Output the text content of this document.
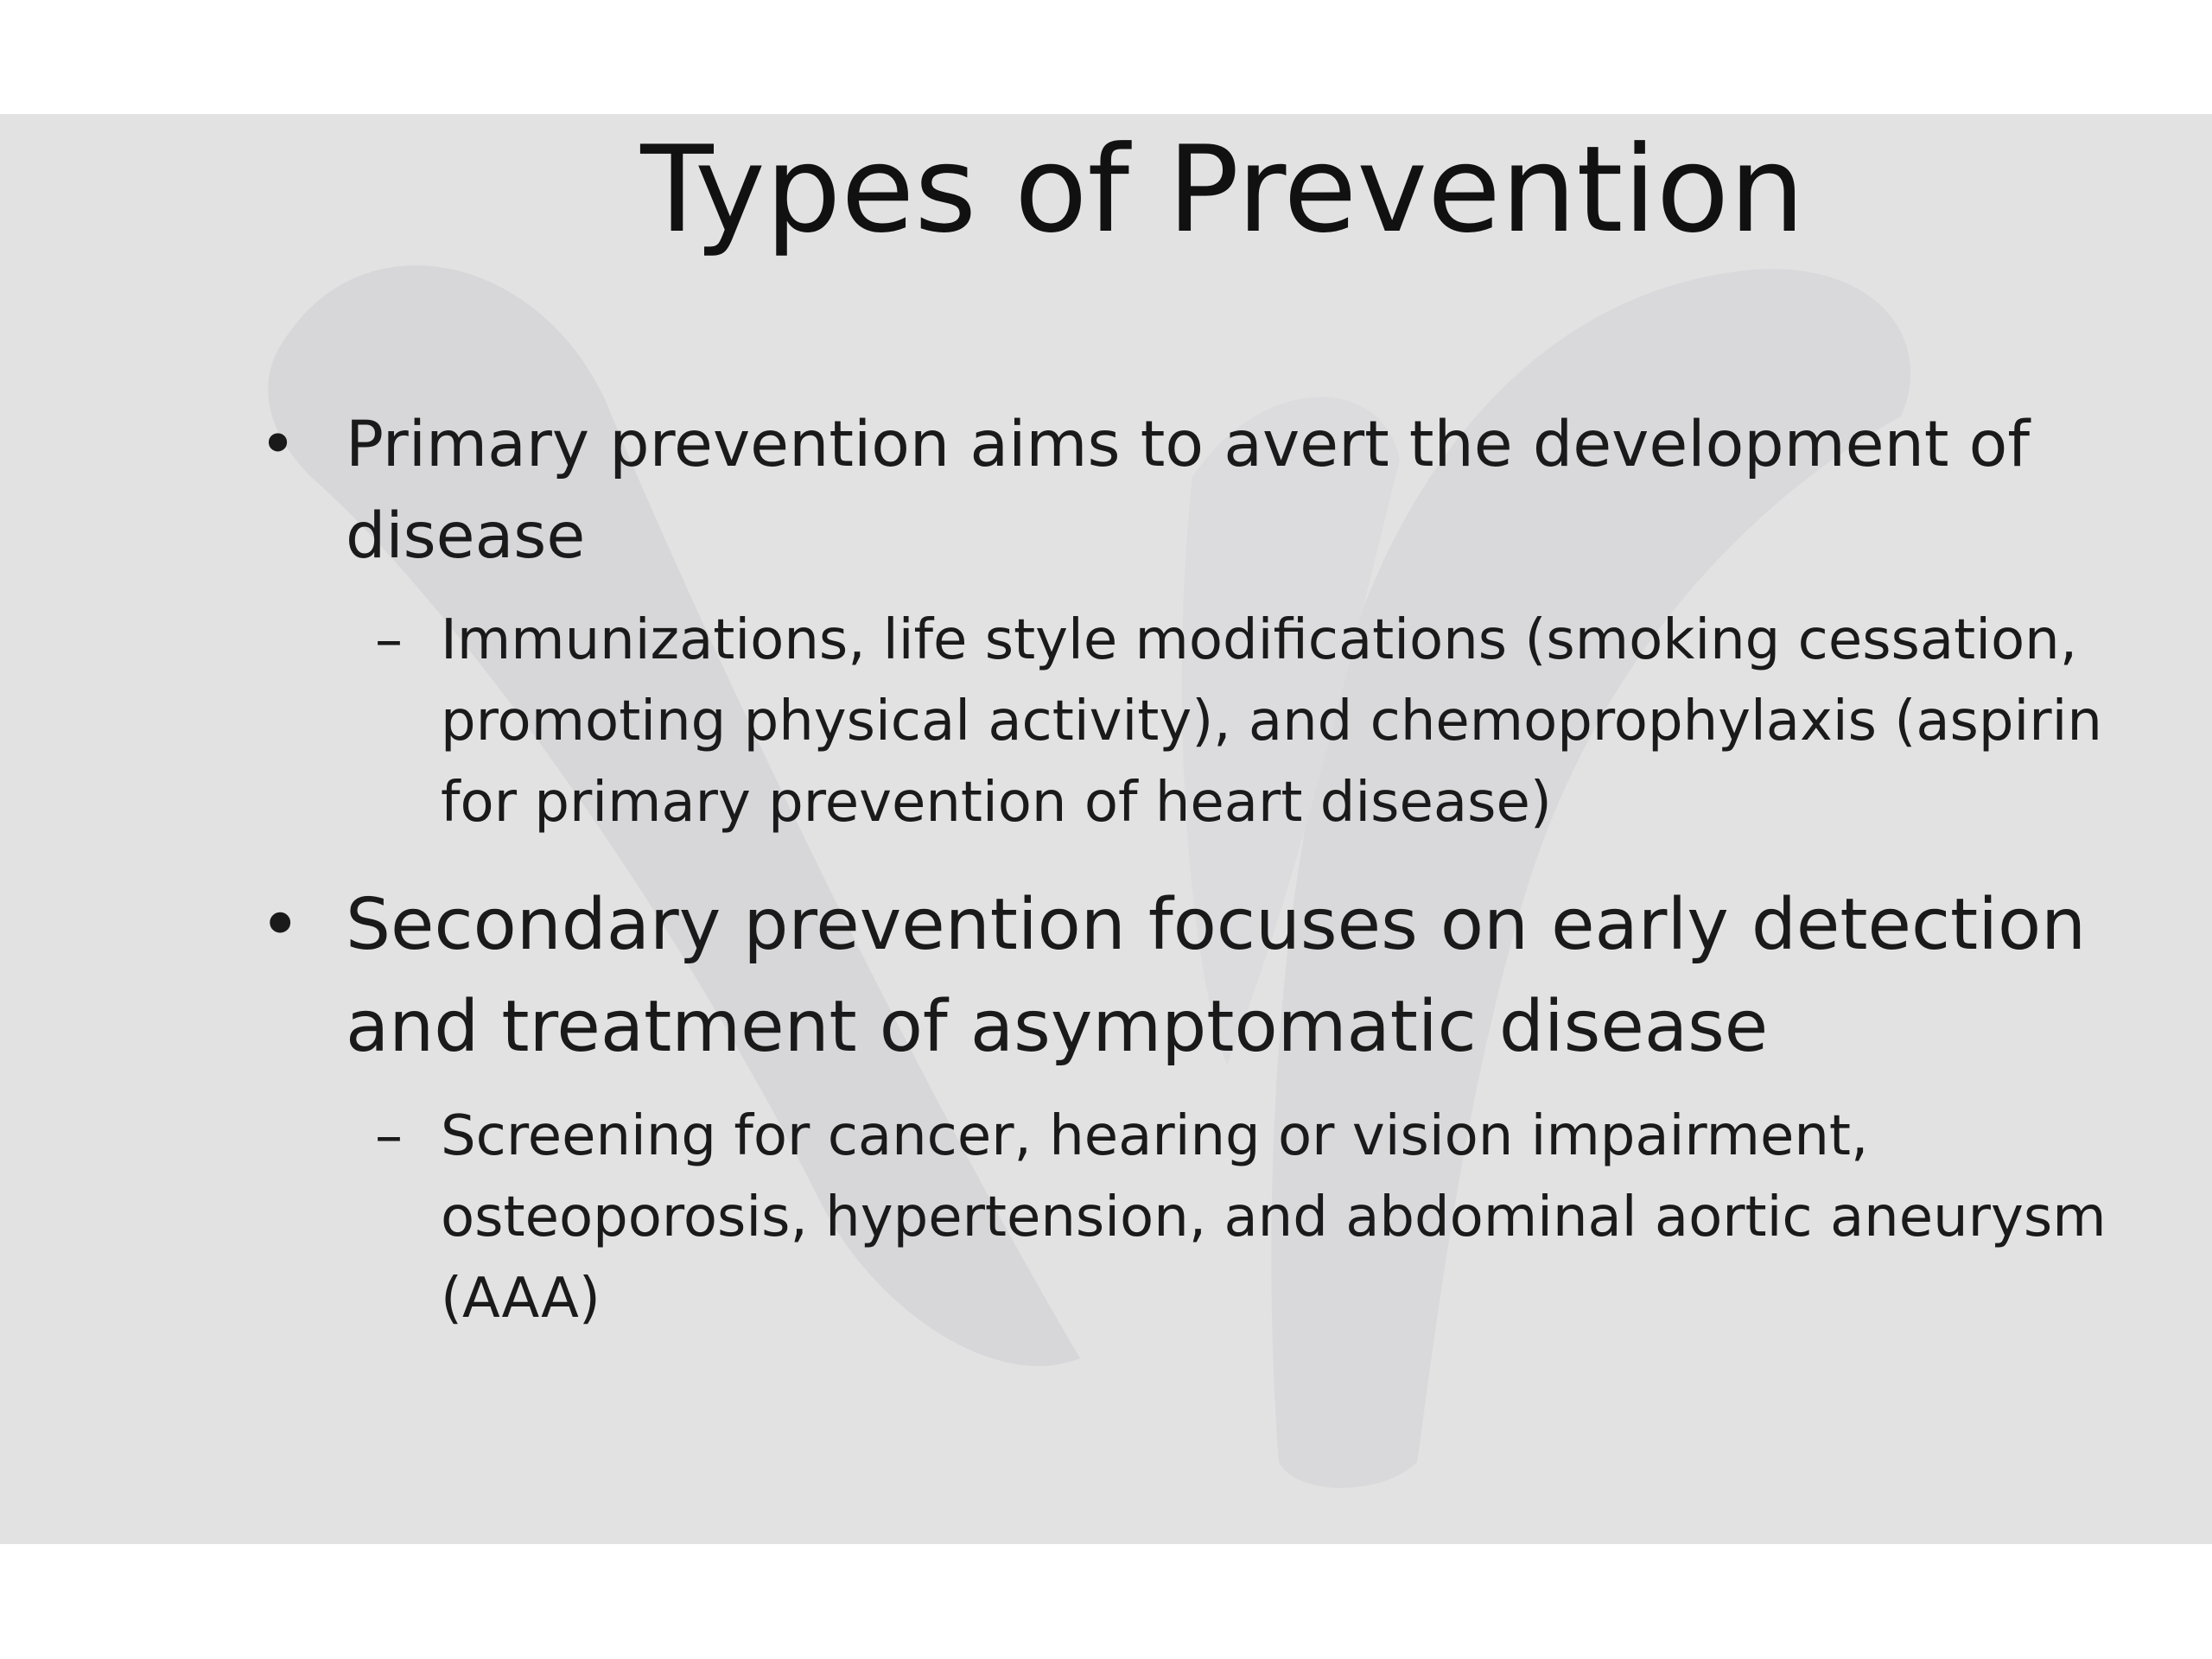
Types of Prevention
• Primary prevention aims to avert the development of disease
– Immunizations, life style modifications (smoking cessation, promoting physical activity), and chemoprophylaxis (aspirin for primary prevention of heart disease)
• Secondary prevention focuses on early detection and treatment of asymptomatic disease
– Screening for cancer, hearing or vision impairment, osteoporosis, hypertension, and abdominal aortic aneurysm (AAA)
